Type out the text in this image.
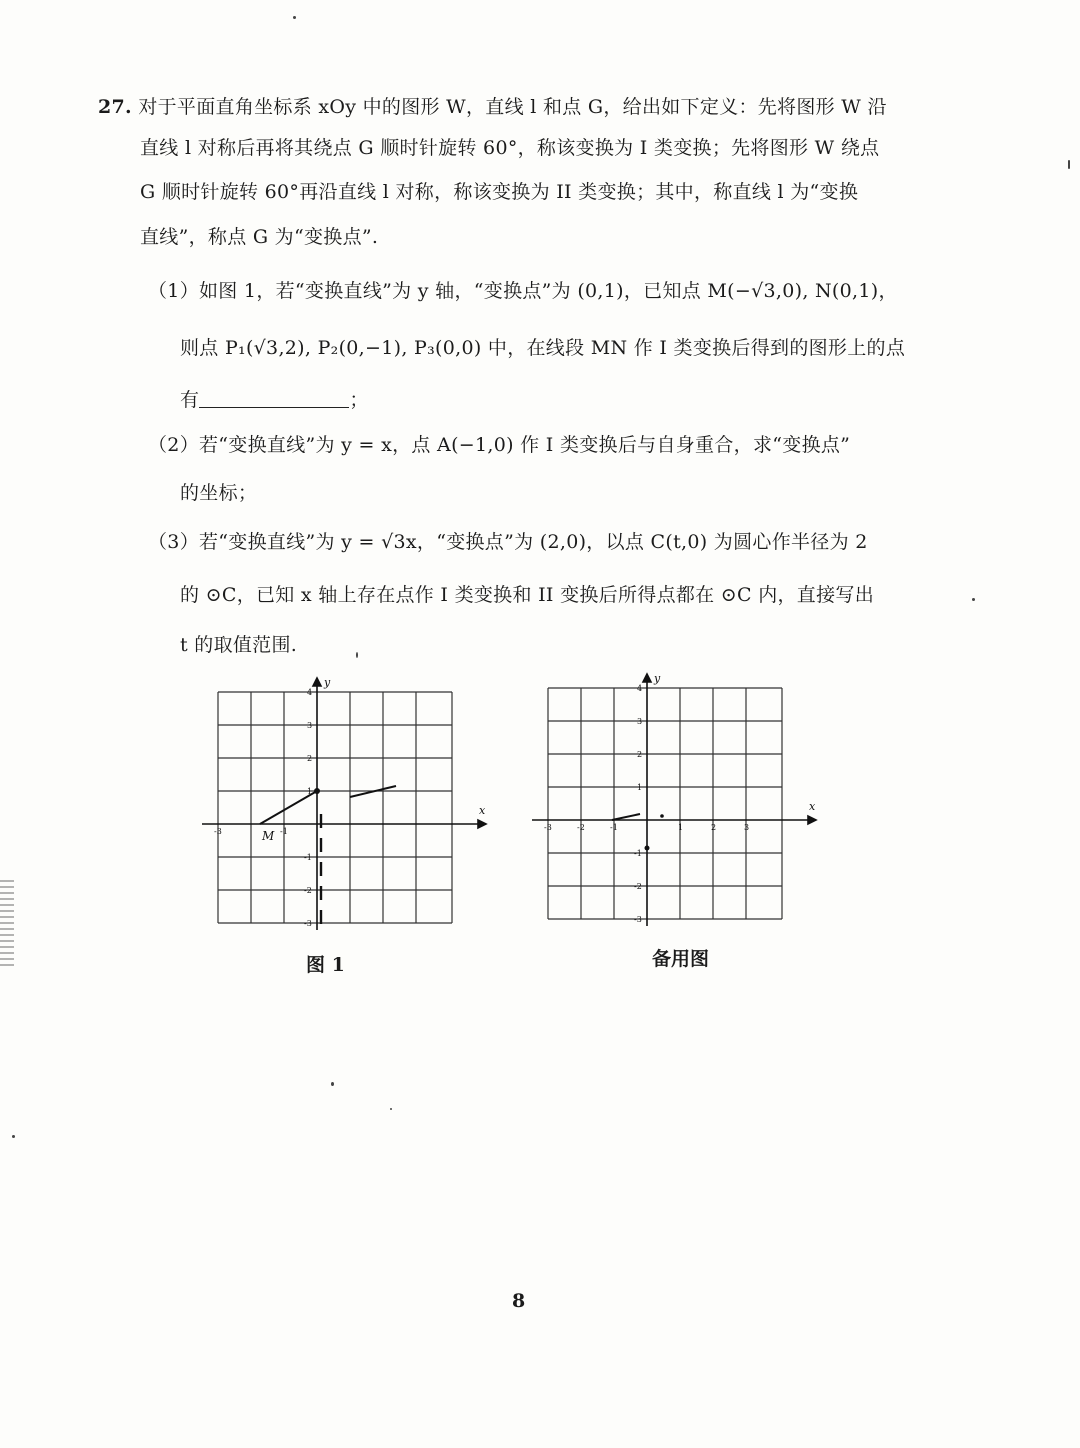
27. 对于平面直角坐标系 xOy 中的图形 W，直线 l 和点 G，给出如下定义：先将图形 W 沿
直线 l 对称后再将其绕点 G 顺时针旋转 60°，称该变换为 I 类变换；先将图形 W 绕点
G 顺时针旋转 60°再沿直线 l 对称，称该变换为 II 类变换；其中，称直线 l 为“变换
直线”，称点 G 为“变换点”.
（1）如图 1，若“变换直线”为 y 轴，“变换点”为 (0,1)，已知点 M(−√3,0), N(0,1)，
则点 P₁(√3,2), P₂(0,−1), P₃(0,0) 中，在线段 MN 作 I 类变换后得到的图形上的点
有	；
（2）若“变换直线”为 y = x，点 A(−1,0) 作 I 类变换后与自身重合，求“变换点”
的坐标；
（3）若“变换直线”为 y = √3x，“变换点”为 (2,0)，以点 C(t,0) 为圆心作半径为 2
的 ⊙C，已知 x 轴上存在点作 I 类变换和 II 变换后所得点都在 ⊙C 内，直接写出
t 的取值范围.
M
x
y
-3	-1
4
3
2
1
-1
-2
-3
图 1
x
y
-3	-2	-1	1	2	3
4
3
2
1
-1
-2
-3
备用图
8
